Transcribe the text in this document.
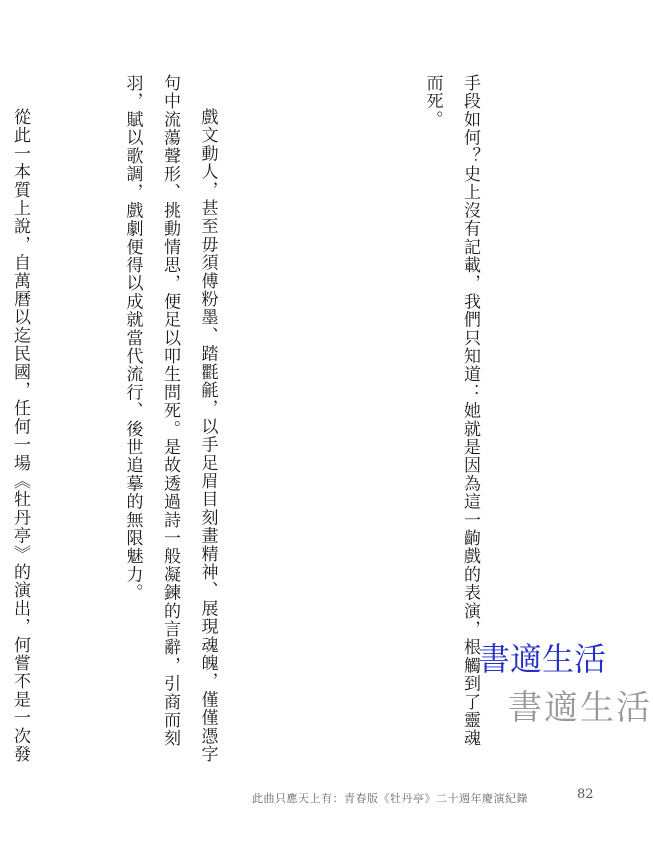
手段如何？史上沒有記載，我們只知道：她就是因為這一齣戲的表演，根觸到了靈魂而死。

戲文動人，甚至毋須傅粉墨、踏氍毹，以手足眉目刻畫精神、展現魂魄，僅僅憑字句中流蕩聲形、挑動情思，便足以叩生問死。是故透過詩一般凝鍊的言辭，引商而刻羽，賦以歌調，戲劇便得以成就當代流行、後世追摹的無限魅力。

從此一本質上說，自萬曆以迄民國，任何一場《牡丹亭》的演出，何嘗不是一次發

書適生活
書適生活
此曲只應天上有：青春版《牡丹亭》二十週年慶演紀錄	82
